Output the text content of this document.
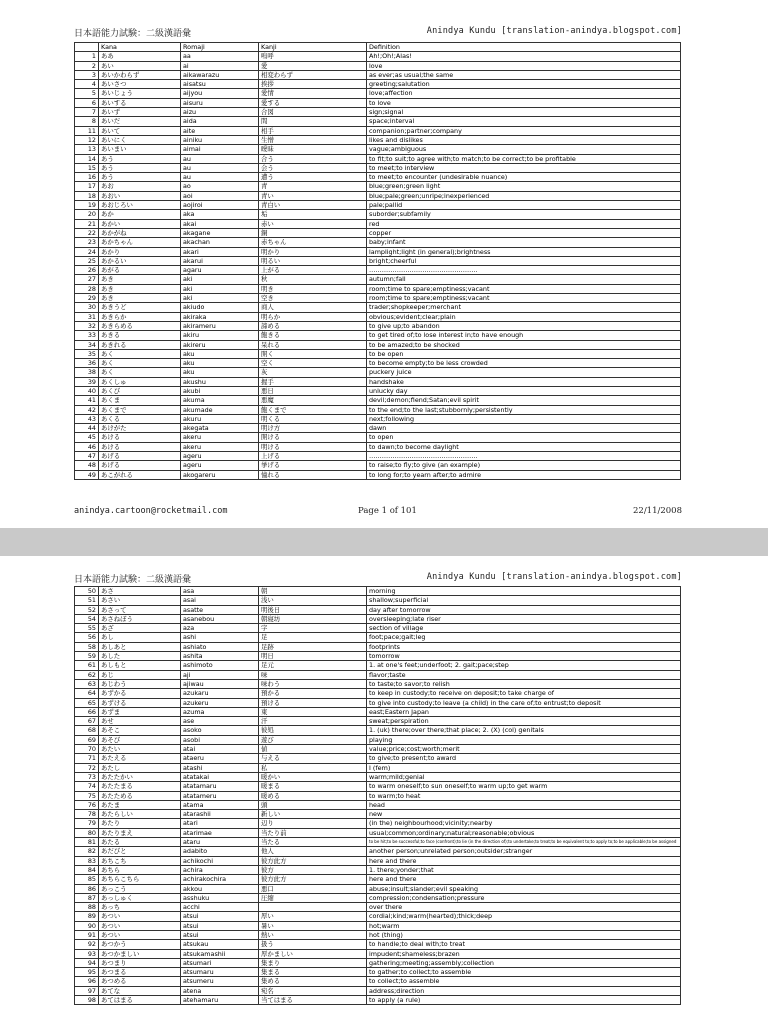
日本語能力試験：二級漢語彙	Anindya Kundu [translation-anindya.blogspot.com]
	Kana	Romaji	Kanji	Definition
1	ああ	aa	嗚呼	Ah!;Oh!;Alas!
2	あい	ai	愛	love
3	あいかわらず	aikawarazu	相変わらず	as ever;as usual;the same
4	あいさつ	aisatsu	挨拶	greeting;salutation
5	あいじょう	aijyou	愛情	love;affection
6	あいする	aisuru	愛する	to love
7	あいず	aizu	合図	sign;signal
8	あいだ	aida	間	space;interval
11	あいて	aite	相手	companion;partner;company
12	あいにく	ainiku	生憎	likes and dislikes
13	あいまい	aimai	曖昧	vague;ambiguous
14	あう	au	合う	to fit;to suit;to agree with;to match;to be correct;to be profitable
15	あう	au	会う	to meet;to interview
16	あう	au	遭う	to meet;to encounter (undesirable nuance)
17	あお	ao	青	blue;green;green light
18	あおい	aoi	青い	blue;pale;green;unripe;inexperienced
19	あおじろい	aojiroi	青白い	pale;pallid
20	あか	aka	垢	suborder;subfamily
21	あかい	akai	赤い	red
22	あかがね	akagane	銅	copper
23	あかちゃん	akachan	赤ちゃん	baby;infant
24	あかり	akari	明かり	lamplight;light (in general);brightness
25	あかるい	akarui	明るい	bright;cheerful
26	あがる	agaru	上がる	……………………………………………
27	あき	aki	秋	autumn;fall
28	あき	aki	明き	room;time to spare;emptiness;vacant
29	あき	aki	空き	room;time to spare;emptiness;vacant
30	あきうど	akiudo	商人	trader;shopkeeper;merchant
31	あきらか	akiraka	明らか	obvious;evident;clear;plain
32	あきらめる	akirameru	諦める	to give up;to abandon
33	あきる	akiru	飽きる	to get tired of;to lose interest in;to have enough
34	あきれる	akireru	呆れる	to be amazed;to be shocked
35	あく	aku	開く	to be open
36	あく	aku	空く	to become empty;to be less crowded
38	あく	aku	灰	puckery juice
39	あくしゅ	akushu	握手	handshake
40	あくび	akubi	悪日	unlucky day
41	あくま	akuma	悪魔	devil;demon;fiend;Satan;evil spirit
42	あくまで	akumade	飽くまで	to the end;to the last;stubbornly;persistently
43	あくる	akuru	明くる	next;following
44	あけがた	akegata	明け方	dawn
45	あける	akeru	開ける	to open
46	あける	akeru	明ける	to dawn;to become daylight
47	あげる	ageru	上げる	……………………………………………
48	あげる	ageru	挙げる	to raise;to fly;to give (an example)
49	あこがれる	akogareru	憧れる	to long for;to yearn after;to admire
anindya.cartoon@rocketmail.com	Page 1 of 101	22/11/2008
日本語能力試験：二級漢語彙	Anindya Kundu [translation-anindya.blogspot.com]
50	あさ	asa	朝	morning
51	あさい	asai	浅い	shallow;superficial
52	あさって	asatte	明後日	day after tomorrow
54	あさねぼう	asanebou	朝寝坊	oversleeping;late riser
55	あざ	aza	字	section of village
56	あし	ashi	足	foot;pace;gait;leg
58	あしあと	ashiato	足跡	footprints
59	あした	ashita	明日	tomorrow
61	あしもと	ashimoto	足元	1. at one's feet;underfoot; 2. gait;pace;step
62	あじ	aji	味	flavor;taste
63	あじわう	ajiwau	味わう	to taste;to savor;to relish
64	あずかる	azukaru	預かる	to keep in custody;to receive on deposit;to take charge of
65	あずける	azukeru	預ける	to give into custody;to leave (a child) in the care of;to entrust;to deposit
66	あずま	azuma	東	east;Eastern Japan
67	あせ	ase	汗	sweat;perspiration
68	あそこ	asoko	彼処	1. (uk) there;over there;that place; 2. (X) (col) genitals
69	あそび	asobi	遊び	playing
70	あたい	atai	値	value;price;cost;worth;merit
71	あたえる	ataeru	与える	to give;to present;to award
72	あたし	atashi	私	I (fem)
73	あたたかい	atatakai	暖かい	warm;mild;genial
74	あたたまる	atatamaru	暖まる	to warm oneself;to sun oneself;to warm up;to get warm
75	あたためる	atatameru	暖める	to warm;to heat
76	あたま	atama	頭	head
78	あたらしい	atarashii	新しい	new
79	あたり	atari	辺り	(in the) neighbourhood;vicinity;nearby
80	あたりまえ	atarimae	当たり前	usual;common;ordinary;natural;reasonable;obvious
81	あたる	ataru	当たる	to be hit;to be successful;to face (confront);to lie (in the direction of);to undertake;to treat;to be equivalent to;to apply to;to be applicable;to be assigned
82	あだびと	adabito	他人	another person;unrelated person;outsider;stranger
83	あちこち	achikochi	彼方此方	here and there
84	あちら	achira	彼方	1. there;yonder;that
85	あちらこちら	achirakochira	彼方此方	here and there
86	あっこう	akkou	悪口	abuse;insult;slander;evil speaking
87	あっしゅく	asshuku	圧縮	compression;condensation;pressure
88	あっち	acchi		over there
89	あつい	atsui	厚い	cordial;kind;warm(hearted);thick;deep
90	あつい	atsui	暑い	hot;warm
91	あつい	atsui	熱い	hot (thing)
92	あつかう	atsukau	扱う	to handle;to deal with;to treat
93	あつかましい	atsukamashii	厚かましい	impudent;shameless;brazen
94	あつまり	atsumari	集まり	gathering;meeting;assembly;collection
95	あつまる	atsumaru	集まる	to gather;to collect;to assemble
96	あつめる	atsumeru	集める	to collect;to assemble
97	あてな	atena	宛名	address;direction
98	あてはまる	atehamaru	当てはまる	to apply (a rule)
